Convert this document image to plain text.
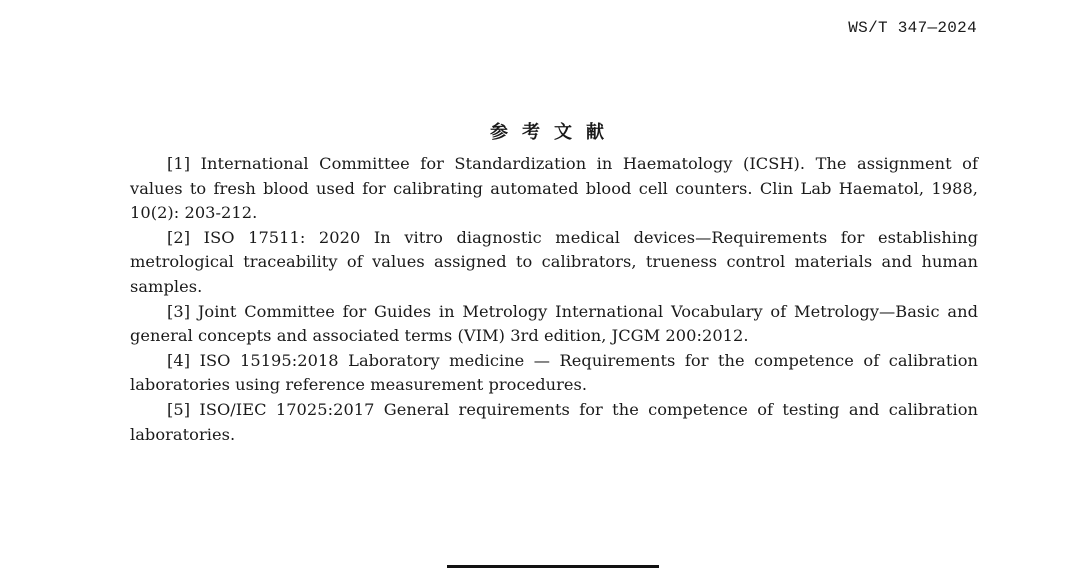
WS/T 347—2024
参考文献
[1] International Committee for Standardization in Haematology (ICSH). The assignment of values to fresh blood used for calibrating automated blood cell counters. Clin Lab Haematol, 1988, 10(2): 203-212.
[2] ISO 17511: 2020 In vitro diagnostic medical devices—Requirements for establishing metrological traceability of values assigned to calibrators, trueness control materials and human samples.
[3] Joint Committee for Guides in Metrology International Vocabulary of Metrology—Basic and general concepts and associated terms (VIM) 3rd edition, JCGM 200:2012.
[4] ISO 15195:2018 Laboratory medicine — Requirements for the competence of calibration laboratories using reference measurement procedures.
[5] ISO/IEC 17025:2017 General requirements for the competence of testing and calibration laboratories.
